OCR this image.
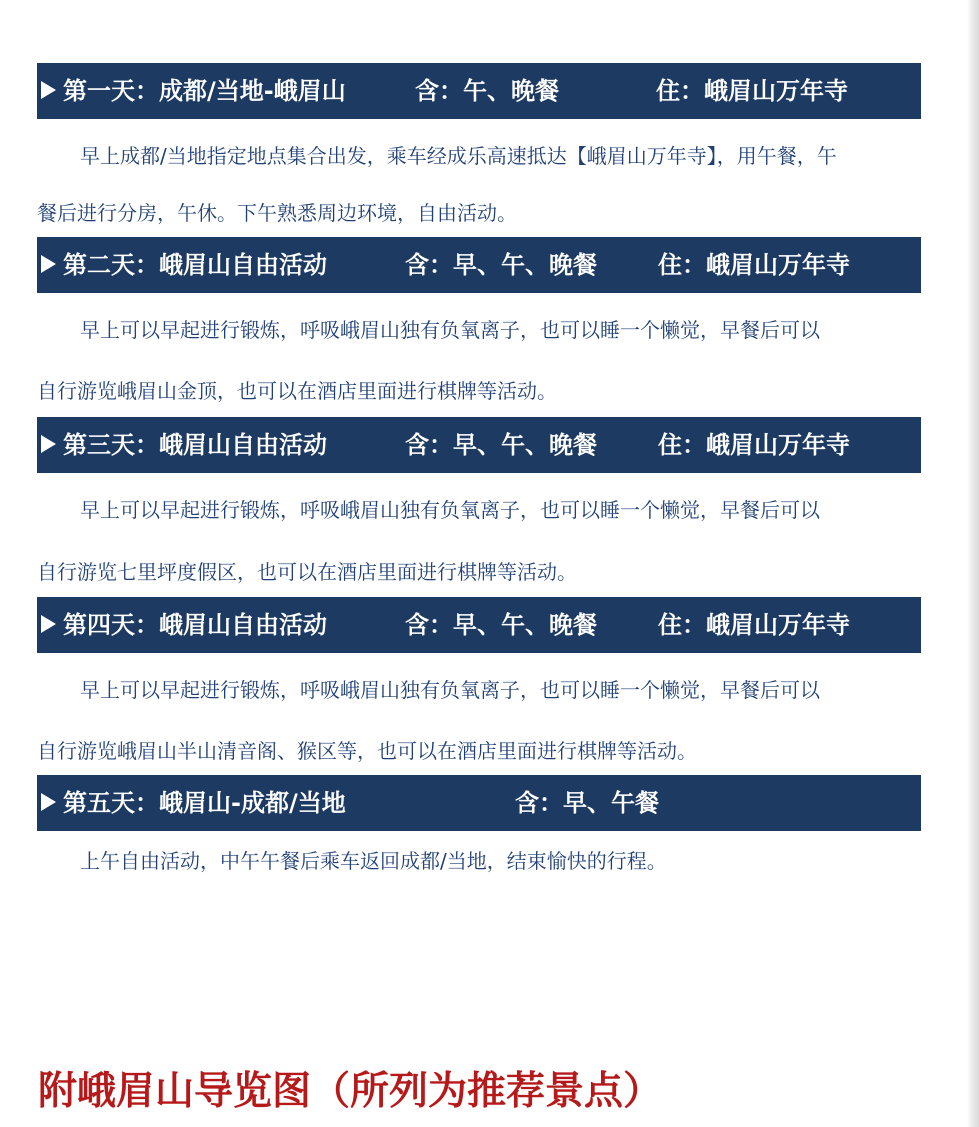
第一天：成都/当地-峨眉山	含：午、晚餐	住：峨眉山万年寺
早上成都/当地指定地点集合出发，乘车经成乐高速抵达【峨眉山万年寺】，用午餐，午
餐后进行分房，午休。下午熟悉周边环境，自由活动。
第二天：峨眉山自由活动	含：早、午、晚餐	住：峨眉山万年寺
早上可以早起进行锻炼，呼吸峨眉山独有负氧离子，也可以睡一个懒觉，早餐后可以
自行游览峨眉山金顶，也可以在酒店里面进行棋牌等活动。
第三天：峨眉山自由活动	含：早、午、晚餐	住：峨眉山万年寺
早上可以早起进行锻炼，呼吸峨眉山独有负氧离子，也可以睡一个懒觉，早餐后可以
自行游览七里坪度假区，也可以在酒店里面进行棋牌等活动。
第四天：峨眉山自由活动	含：早、午、晚餐	住：峨眉山万年寺
早上可以早起进行锻炼，呼吸峨眉山独有负氧离子，也可以睡一个懒觉，早餐后可以
自行游览峨眉山半山清音阁、猴区等，也可以在酒店里面进行棋牌等活动。
第五天：峨眉山-成都/当地	含：早、午餐
上午自由活动，中午午餐后乘车返回成都/当地，结束愉快的行程。
附峨眉山导览图（所列为推荐景点）
